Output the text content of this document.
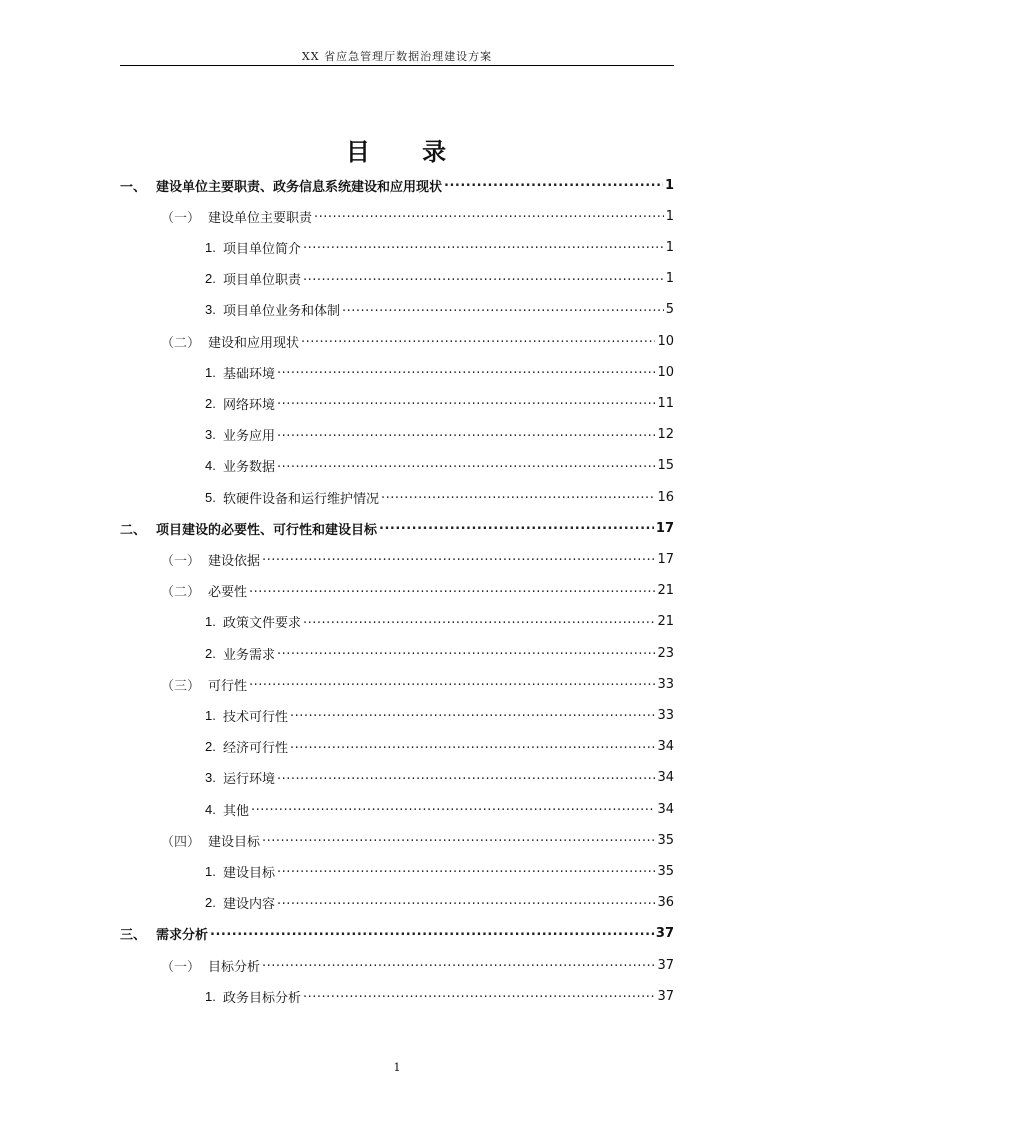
XX 省应急管理厅数据治理建设方案
目 录
一、 建设单位主要职责、政务信息系统建设和应用现状 .....	1
（一） 建设单位主要职责 .....	1
1. 项目单位简介 .....	1
2. 项目单位职责 .....	1
3. 项目单位业务和体制 .....	5
（二） 建设和应用现状 .....	10
1. 基础环境 .....	10
2. 网络环境 .....	11
3. 业务应用 .....	12
4. 业务数据 .....	15
5. 软硬件设备和运行维护情况 .....	16
二、 项目建设的必要性、可行性和建设目标 .....	17
（一） 建设依据 .....	17
（二） 必要性 .....	21
1. 政策文件要求 .....	21
2. 业务需求 .....	23
（三） 可行性 .....	33
1. 技术可行性 .....	33
2. 经济可行性 .....	34
3. 运行环境 .....	34
4. 其他 .....	34
（四） 建设目标 .....	35
1. 建设目标 .....	35
2. 建设内容 .....	36
三、 需求分析 .....	37
（一） 目标分析 .....	37
1. 政务目标分析 .....	37
1
